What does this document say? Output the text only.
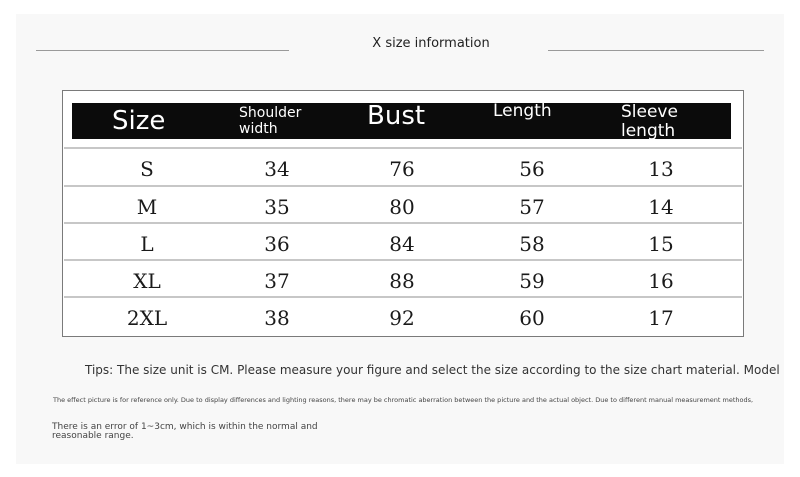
X size information
Size	Shoulder width	Bust	Length	Sleeve length
S	34	76	56	13
M	35	80	57	14
L	36	84	58	15
XL	37	88	59	16
2XL	38	92	60	17
Tips: The size unit is CM. Please measure your figure and select the size according to the size chart material. Model
The effect picture is for reference only. Due to display differences and lighting reasons, there may be chromatic aberration between the picture and the actual object. Due to different manual measurement methods,
There is an error of 1~3cm, which is within the normal and reasonable range.
